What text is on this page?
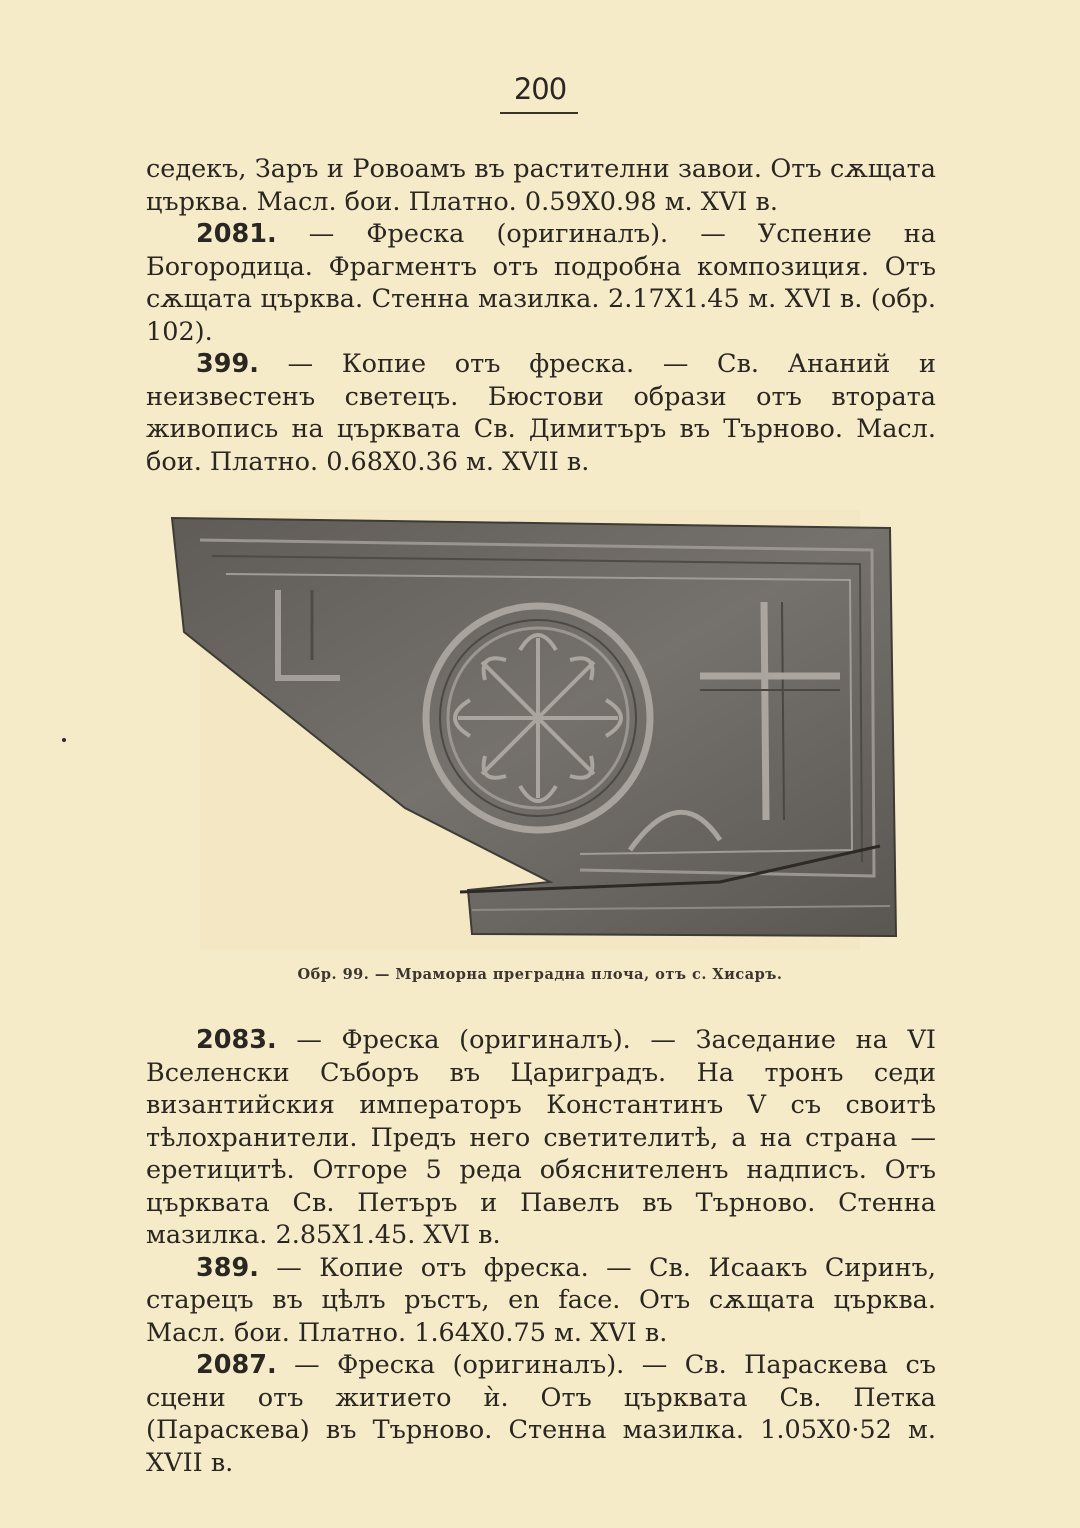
200

седекъ, Заръ и Ровоамъ въ растителни завои. Отъ сѫщата църква. Масл. бои. Платно. 0.59Х0.98 м. XVI в.

2081. — Фреска (оригиналъ). — Успение на Богородица. Фрагментъ отъ подробна композиция. Отъ сѫщата църква. Стенна мазилка. 2.17Х1.45 м. XVI в. (обр. 102).

399. — Копие отъ фреска. — Св. Ананий и неизвестенъ светецъ. Бюстови образи отъ втората живопись на църквата Св. Димитъръ въ Търново. Масл. бои. Платно. 0.68Х0.36 м. XVII в.

Обр. 99. — Мраморна преградна плоча, отъ с. Хисаръ.

2083. — Фреска (оригиналъ). — Заседание на VI Вселенски Съборъ въ Цариградъ. На тронъ седи византийския императоръ Константинъ V съ своитѣ тѣлохранители. Предъ него светителитѣ, а на страна — еретицитѣ. Отгоре 5 реда обяснителенъ надписъ. Отъ църквата Св. Петъръ и Павелъ въ Търново. Стенна мазилка. 2.85Х1.45. XVI в.

389. — Копие отъ фреска. — Св. Исаакъ Сиринъ, старецъ въ цѣлъ ръстъ, en face. Отъ сѫщата църква. Масл. бои. Платно. 1.64Х0.75 м. XVI в.

2087. — Фреска (оригиналъ). — Св. Параскева съ сцени отъ житието ѝ. Отъ църквата Св. Петка (Параскева) въ Търново. Стенна мазилка. 1.05Х0·52 м. XVII в.
